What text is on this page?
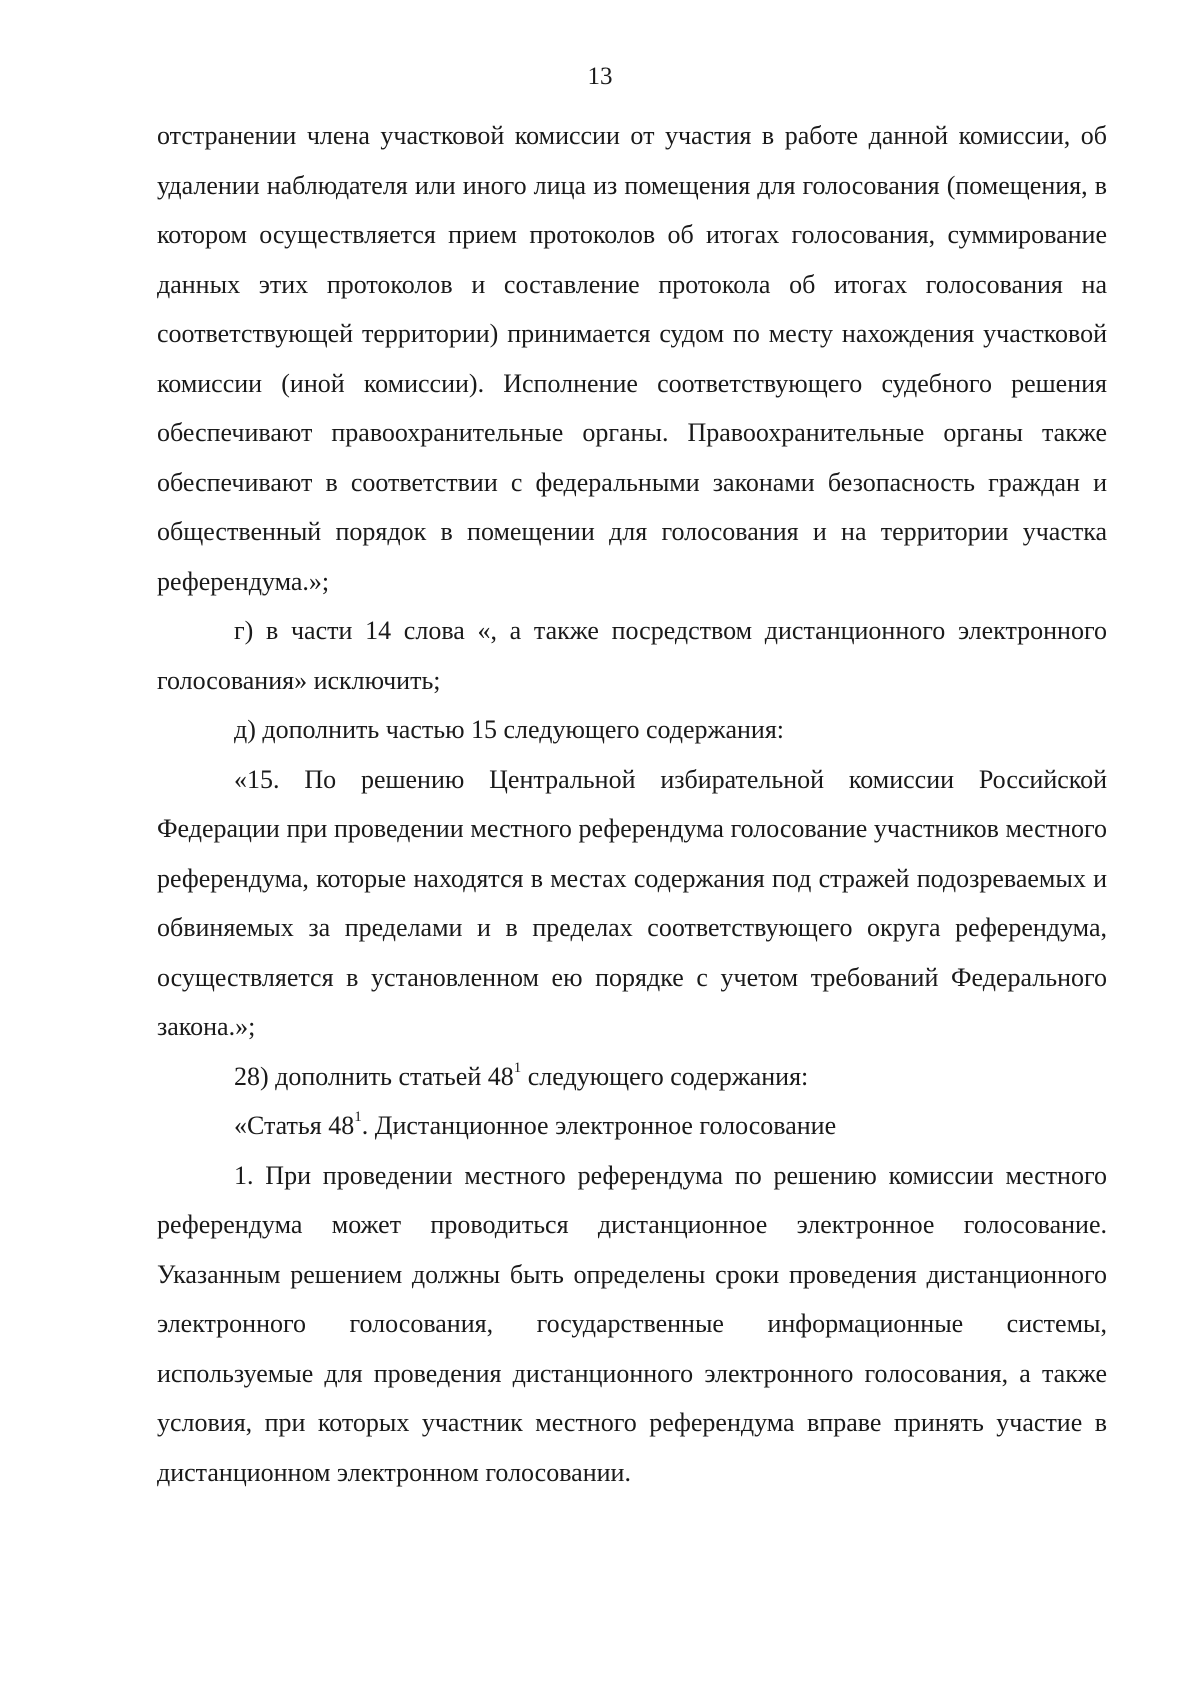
13

отстранении члена участковой комиссии от участия в работе данной комиссии, об удалении наблюдателя или иного лица из помещения для голосования (помещения, в котором осуществляется прием протоколов об итогах голосования, суммирование данных этих протоколов и составление протокола об итогах голосования на соответствующей территории) принимается судом по месту нахождения участковой комиссии (иной комиссии). Исполнение соответствующего судебного решения обеспечивают правоохранительные органы. Правоохранительные органы также обеспечивают в соответствии с федеральными законами безопасность граждан и общественный порядок в помещении для голосования и на территории участка референдума.»;

г) в части 14 слова «, а также посредством дистанционного электронного голосования» исключить;

д) дополнить частью 15 следующего содержания:

«15. По решению Центральной избирательной комиссии Российской Федерации при проведении местного референдума голосование участников местного референдума, которые находятся в местах содержания под стражей подозреваемых и обвиняемых за пределами и в пределах соответствующего округа референдума, осуществляется в установленном ею порядке с учетом требований Федерального закона.»;

28) дополнить статьей $48^1$ следующего содержания:

«Статья $48^1$. Дистанционное электронное голосование

1. При проведении местного референдума по решению комиссии местного референдума может проводиться дистанционное электронное голосование. Указанным решением должны быть определены сроки проведения дистанционного электронного голосования, государственные информационные системы, используемые для проведения дистанционного электронного голосования, а также условия, при которых участник местного референдума вправе принять участие в дистанционном электронном голосовании.
